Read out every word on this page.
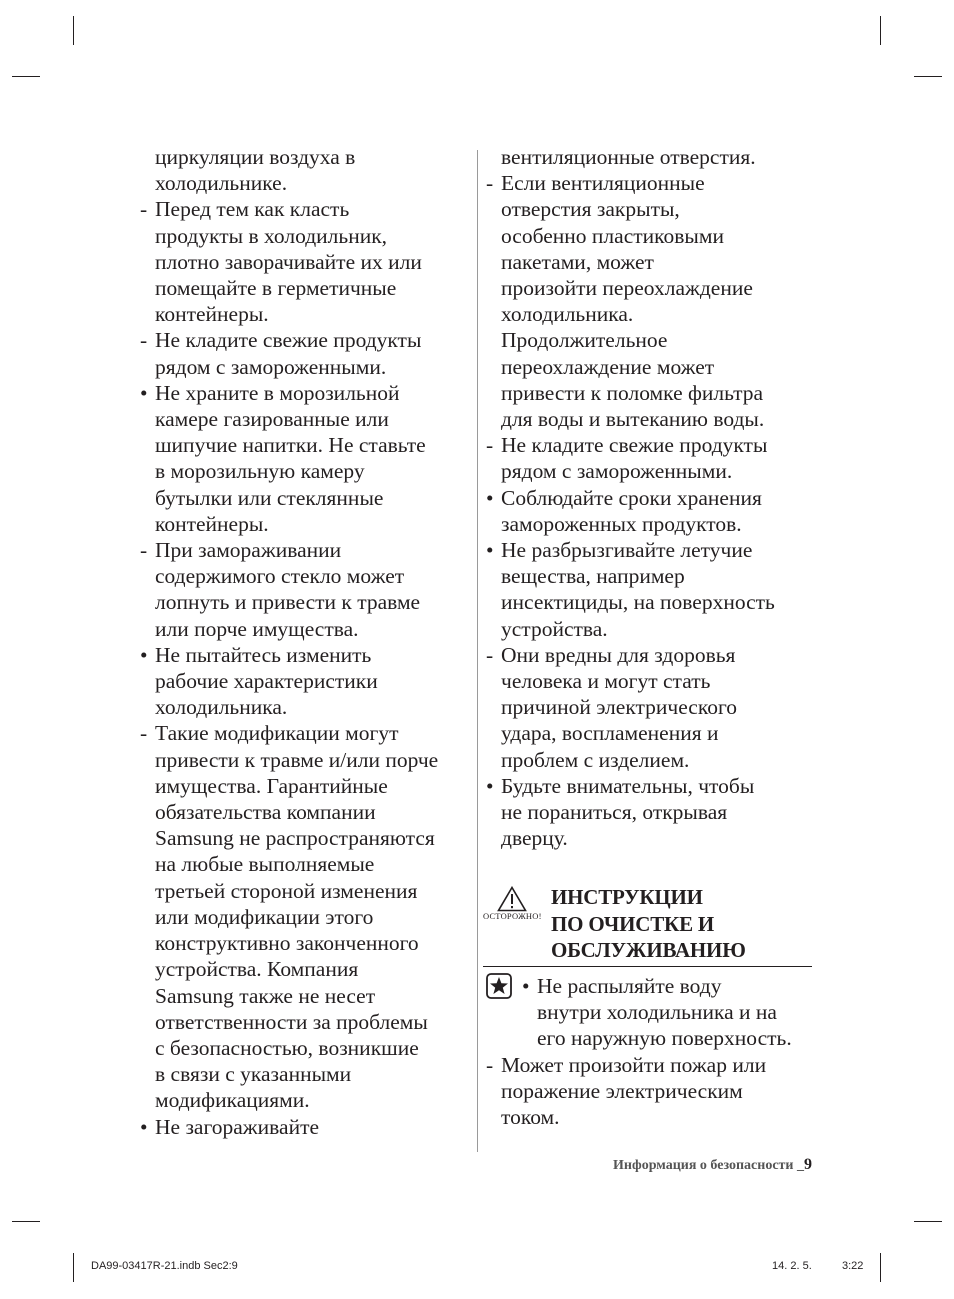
циркуляции воздуха в
холодильнике.
- Перед тем как класть
продукты в холодильник,
плотно заворачивайте их или
помещайте в герметичные
контейнеры.
- Не кладите свежие продукты
рядом с замороженными.
• Не храните в морозильной
камере газированные или
шипучие напитки. Не ставьте
в морозильную камеру
бутылки или стеклянные
контейнеры.
- При замораживании
содержимого стекло может
лопнуть и привести к травме
или порче имущества.
• Не пытайтесь изменить
рабочие характеристики
холодильника.
- Такие модификации могут
привести к травме и/или порче
имущества. Гарантийные
обязательства компании
Samsung не распространяются
на любые выполняемые
третьей стороной изменения
или модификации этого
конструктивно законченного
устройства. Компания
Samsung также не несет
ответственности за проблемы
с безопасностью, возникшие
в связи с указанными
модификациями.
• Не загораживайте
вентиляционные отверстия.
- Если вентиляционные
отверстия закрыты,
особенно пластиковыми
пакетами, может
произойти переохлаждение
холодильника.
Продолжительное
переохлаждение может
привести к поломке фильтра
для воды и вытеканию воды.
- Не кладите свежие продукты
рядом с замороженными.
• Соблюдайте сроки хранения
замороженных продуктов.
• Не разбрызгивайте летучие
вещества, например
инсектициды, на поверхность
устройства.
- Они вредны для здоровья
человека и могут стать
причиной электрического
удара, воспламенения и
проблем с изделием.
• Будьте внимательны, чтобы
не пораниться, открывая
дверцу.
ОСТОРОЖНО!
ИНСТРУКЦИИ
ПО ОЧИСТКЕ И
ОБСЛУЖИВАНИЮ
• Не распыляйте воду
внутри холодильника и на
его наружную поверхность.
- Может произойти пожар или
поражение электрическим
током.
Информация о безопасности _9
DA99-03417R-21.indb Sec2:9	14. 2. 5.	3:22
